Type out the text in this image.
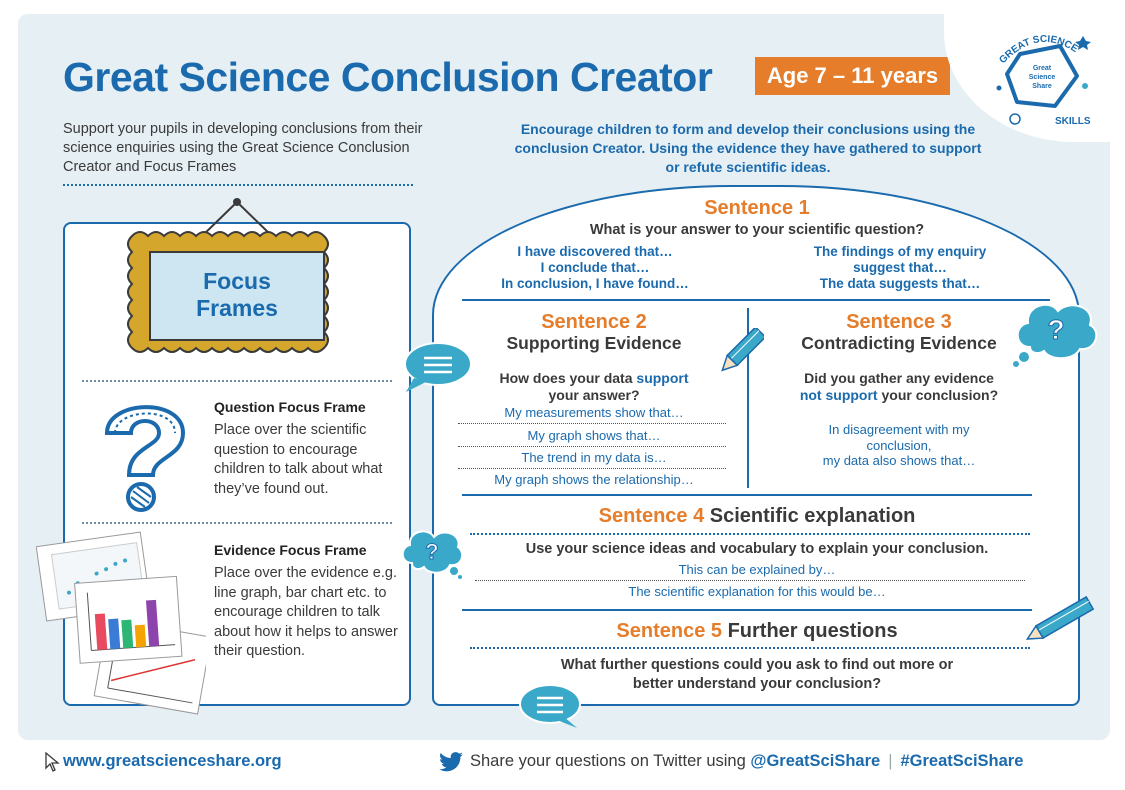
Great Science Conclusion Creator	Age 7 – 11 years	Great
Science
Share
GREAT SCIENCE
SKILLS
Support your pupils in developing conclusions from their science enquiries using the Great Science Conclusion Creator and Focus Frames
Encourage children to form and develop their conclusions using the conclusion Creator. Using the evidence they have gathered to support or refute scientific ideas.
Focus
Frames
Question Focus Frame
Place over the scientific question to encourage children to talk about what they’ve found out.
Evidence Focus Frame
Place over the evidence e.g. line graph, bar chart etc. to encourage children to talk about how it helps to answer their question.
Sentence 1
What is your answer to your scientific question?
I have discovered that…
I conclude that…
In conclusion, I have found…
The findings of my enquiry
suggest that…
The data suggests that…
Sentence 2
Supporting Evidence
How does your data support
your answer?
My measurements show that…
My graph shows that…
The trend in my data is…
My graph shows the relationship…
Sentence 3
Contradicting Evidence
Did you gather any evidence
not support your conclusion?
In disagreement with my
conclusion,
my data also shows that…
Sentence 4 Scientific explanation
Use your science ideas and vocabulary to explain your conclusion.
This can be explained by…
The scientific explanation for this would be…
Sentence 5 Further questions
What further questions could you ask to find out more or
better understand your conclusion?
?
?
www.greatscienceshare.org	Share your questions on Twitter using @GreatSciShare | #GreatSciShare
